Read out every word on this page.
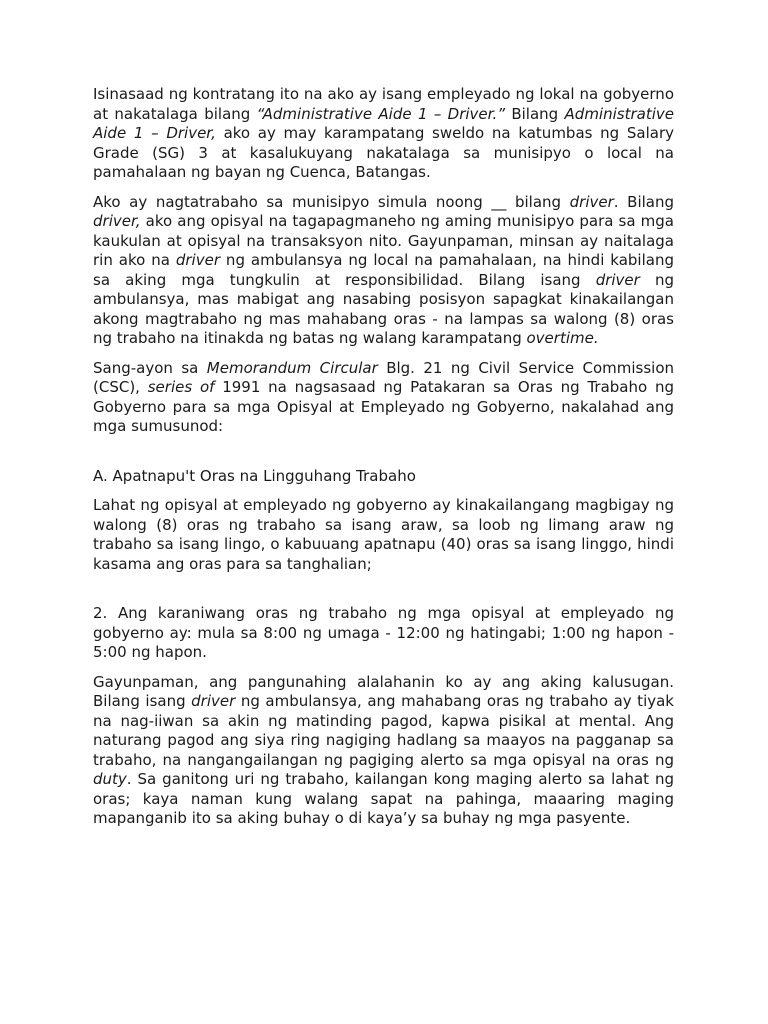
Isinasaad ng kontratang ito na ako ay isang empleyado ng lokal na gobyerno at nakatalaga bilang “Administrative Aide 1 – Driver.” Bilang Administrative Aide 1 – Driver, ako ay may karampatang sweldo na katumbas ng Salary Grade (SG) 3 at kasalukuyang nakatalaga sa munisipyo o local na pamahalaan ng bayan ng Cuenca, Batangas.

Ako ay nagtatrabaho sa munisipyo simula noong __ bilang driver. Bilang driver, ako ang opisyal na tagapagmaneho ng aming munisipyo para sa mga kaukulan at opisyal na transaksyon nito. Gayunpaman, minsan ay naitalaga rin ako na driver ng ambulansya ng local na pamahalaan, na hindi kabilang sa aking mga tungkulin at responsibilidad. Bilang isang driver ng ambulansya, mas mabigat ang nasabing posisyon sapagkat kinakailangan akong magtrabaho ng mas mahabang oras - na lampas sa walong (8) oras ng trabaho na itinakda ng batas ng walang karampatang overtime.

Sang-ayon sa Memorandum Circular Blg. 21 ng Civil Service Commission (CSC), series of 1991 na nagsasaad ng Patakaran sa Oras ng Trabaho ng Gobyerno para sa mga Opisyal at Empleyado ng Gobyerno, nakalahad ang mga sumusunod:

A. Apatnapu't Oras na Lingguhang Trabaho

Lahat ng opisyal at empleyado ng gobyerno ay kinakailangang magbigay ng walong (8) oras ng trabaho sa isang araw, sa loob ng limang araw ng trabaho sa isang lingo, o kabuuang apatnapu (40) oras sa isang linggo, hindi kasama ang oras para sa tanghalian;

2. Ang karaniwang oras ng trabaho ng mga opisyal at empleyado ng gobyerno ay: mula sa 8:00 ng umaga - 12:00 ng hatingabi; 1:00 ng hapon - 5:00 ng hapon.

Gayunpaman, ang pangunahing alalahanin ko ay ang aking kalusugan. Bilang isang driver ng ambulansya, ang mahabang oras ng trabaho ay tiyak na nag-iiwan sa akin ng matinding pagod, kapwa pisikal at mental. Ang naturang pagod ang siya ring nagiging hadlang sa maayos na pagganap sa trabaho, na nangangailangan ng pagiging alerto sa mga opisyal na oras ng duty. Sa ganitong uri ng trabaho, kailangan kong maging alerto sa lahat ng oras; kaya naman kung walang sapat na pahinga, maaaring maging mapanganib ito sa aking buhay o di kaya’y sa buhay ng mga pasyente.
